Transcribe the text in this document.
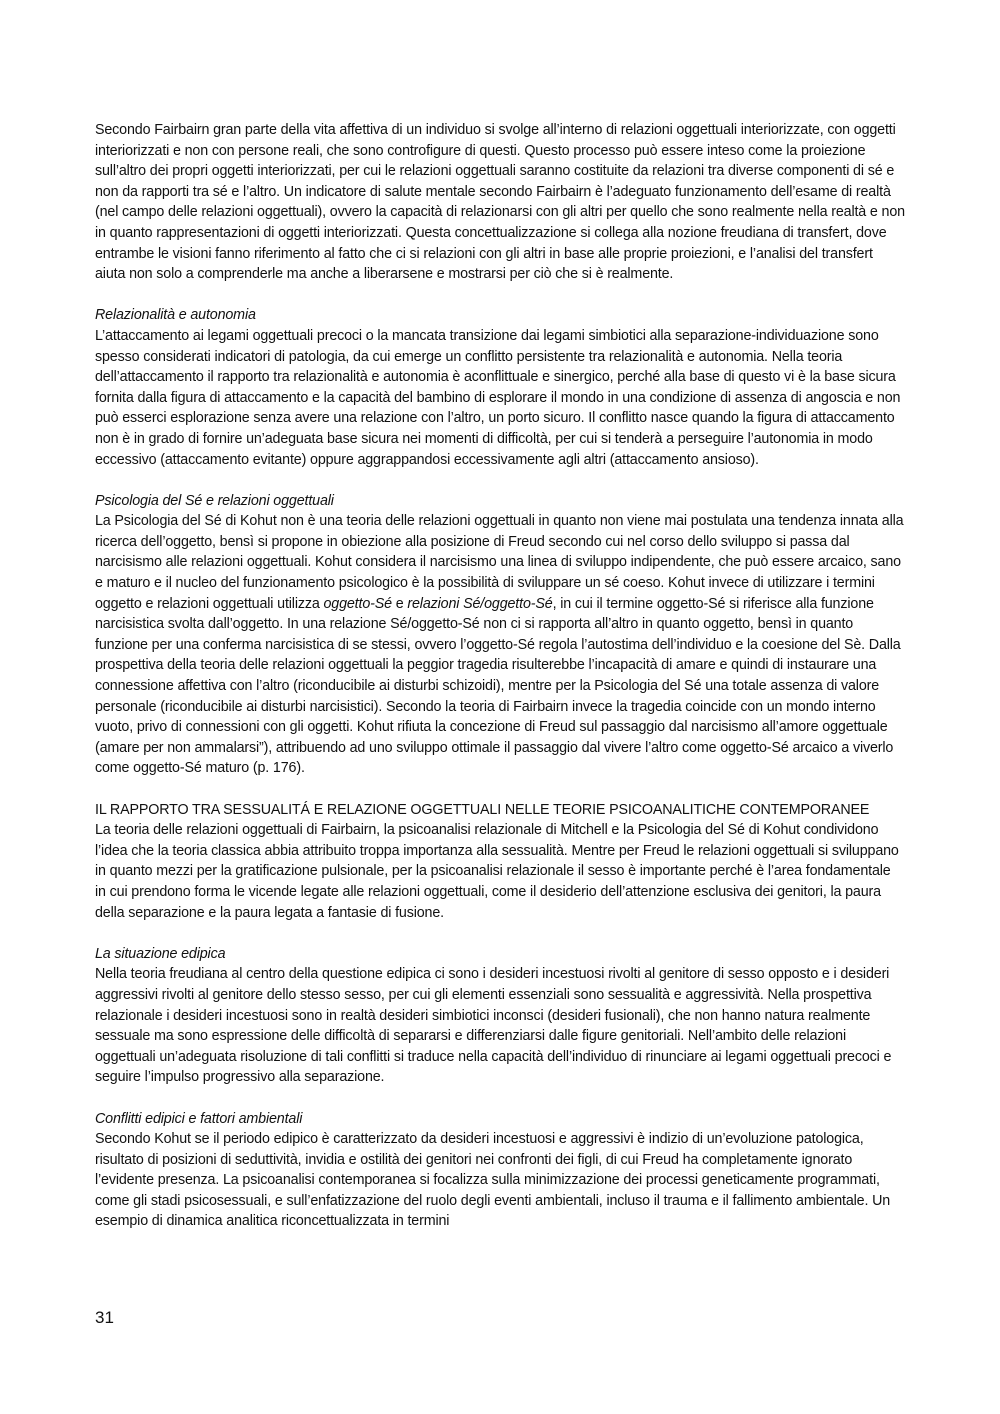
Secondo Fairbairn gran parte della vita affettiva di un individuo si svolge all’interno di relazioni oggettuali interiorizzate, con oggetti interiorizzati e non con persone reali, che sono controfigure di questi. Questo processo può essere inteso come la proiezione sull’altro dei propri oggetti interiorizzati, per cui le relazioni oggettuali saranno costituite da relazioni tra diverse componenti di sé e non da rapporti tra sé e l’altro. Un indicatore di salute mentale secondo Fairbairn è l’adeguato funzionamento dell’esame di realtà (nel campo delle relazioni oggettuali), ovvero la capacità di relazionarsi con gli altri per quello che sono realmente nella realtà e non in quanto rappresentazioni di oggetti interiorizzati. Questa concettualizzazione si collega alla nozione freudiana di transfert, dove entrambe le visioni fanno riferimento al fatto che ci si relazioni con gli altri in base alle proprie proiezioni, e l’analisi del transfert aiuta non solo a comprenderle ma anche a liberarsene e mostrarsi per ciò che si è realmente.

Relazionalità e autonomia
L’attaccamento ai legami oggettuali precoci o la mancata transizione dai legami simbiotici alla separazione-individuazione sono spesso considerati indicatori di patologia, da cui emerge un conflitto persistente tra relazionalità e autonomia. Nella teoria dell’attaccamento il rapporto tra relazionalità e autonomia è aconflittuale e sinergico, perché alla base di questo vi è la base sicura fornita dalla figura di attaccamento e la capacità del bambino di esplorare il mondo in una condizione di assenza di angoscia e non può esserci esplorazione senza avere una relazione con l’altro, un porto sicuro. Il conflitto nasce quando la figura di attaccamento non è in grado di fornire un’adeguata base sicura nei momenti di difficoltà, per cui si tenderà a perseguire l’autonomia in modo eccessivo (attaccamento evitante) oppure aggrappandosi eccessivamente agli altri (attaccamento ansioso).

Psicologia del Sé e relazioni oggettuali
La Psicologia del Sé di Kohut non è una teoria delle relazioni oggettuali in quanto non viene mai postulata una tendenza innata alla ricerca dell’oggetto, bensì si propone in obiezione alla posizione di Freud secondo cui nel corso dello sviluppo si passa dal narcisismo alle relazioni oggettuali. Kohut considera il narcisismo una linea di sviluppo indipendente, che può essere arcaico, sano e maturo e il nucleo del funzionamento psicologico è la possibilità di sviluppare un sé coeso. Kohut invece di utilizzare i termini oggetto e relazioni oggettuali utilizza oggetto-Sé e relazioni Sé/oggetto-Sé, in cui il termine oggetto-Sé si riferisce alla funzione narcisistica svolta dall’oggetto. In una relazione Sé/oggetto-Sé non ci si rapporta all’altro in quanto oggetto, bensì in quanto funzione per una conferma narcisistica di se stessi, ovvero l’oggetto-Sé regola l’autostima dell’individuo e la coesione del Sè. Dalla prospettiva della teoria delle relazioni oggettuali la peggior tragedia risulterebbe l’incapacità di amare e quindi di instaurare una connessione affettiva con l’altro (riconducibile ai disturbi schizoidi), mentre per la Psicologia del Sé una totale assenza di valore personale (riconducibile ai disturbi narcisistici). Secondo la teoria di Fairbairn invece la tragedia coincide con un mondo interno vuoto, privo di connessioni con gli oggetti. Kohut rifiuta la concezione di Freud sul passaggio dal narcisismo all’amore oggettuale (amare per non ammalarsi”), attribuendo ad uno sviluppo ottimale il passaggio dal vivere l’altro come oggetto-Sé arcaico a viverlo come oggetto-Sé maturo (p. 176).

IL RAPPORTO TRA SESSUALITÁ E RELAZIONE OGGETTUALI NELLE TEORIE PSICOANALITICHE CONTEMPORANEE
La teoria delle relazioni oggettuali di Fairbairn, la psicoanalisi relazionale di Mitchell e la Psicologia del Sé di Kohut condividono l’idea che la teoria classica abbia attribuito troppa importanza alla sessualità. Mentre per Freud le relazioni oggettuali si sviluppano in quanto mezzi per la gratificazione pulsionale, per la psicoanalisi relazionale il sesso è importante perché è l’area fondamentale in cui prendono forma le vicende legate alle relazioni oggettuali, come il desiderio dell’attenzione esclusiva dei genitori, la paura della separazione e la paura legata a fantasie di fusione.

La situazione edipica
Nella teoria freudiana al centro della questione edipica ci sono i desideri incestuosi rivolti al genitore di sesso opposto e i desideri aggressivi rivolti al genitore dello stesso sesso, per cui gli elementi essenziali sono sessualità e aggressività. Nella prospettiva relazionale i desideri incestuosi sono in realtà desideri simbiotici inconsci (desideri fusionali), che non hanno natura realmente sessuale ma sono espressione delle difficoltà di separarsi e differenziarsi dalle figure genitoriali. Nell’ambito delle relazioni oggettuali un’adeguata risoluzione di tali conflitti si traduce nella capacità dell’individuo di rinunciare ai legami oggettuali precoci e seguire l’impulso progressivo alla separazione.

Conflitti edipici e fattori ambientali
Secondo Kohut se il periodo edipico è caratterizzato da desideri incestuosi e aggressivi è indizio di un’evoluzione patologica, risultato di posizioni di seduttività, invidia e ostilità dei genitori nei confronti dei figli, di cui Freud ha completamente ignorato l’evidente presenza. La psicoanalisi contemporanea si focalizza sulla minimizzazione dei processi geneticamente programmati, come gli stadi psicosessuali, e sull’enfatizzazione del ruolo degli eventi ambientali, incluso il trauma e il fallimento ambientale. Un esempio di dinamica analitica riconcettualizzata in termini

31
